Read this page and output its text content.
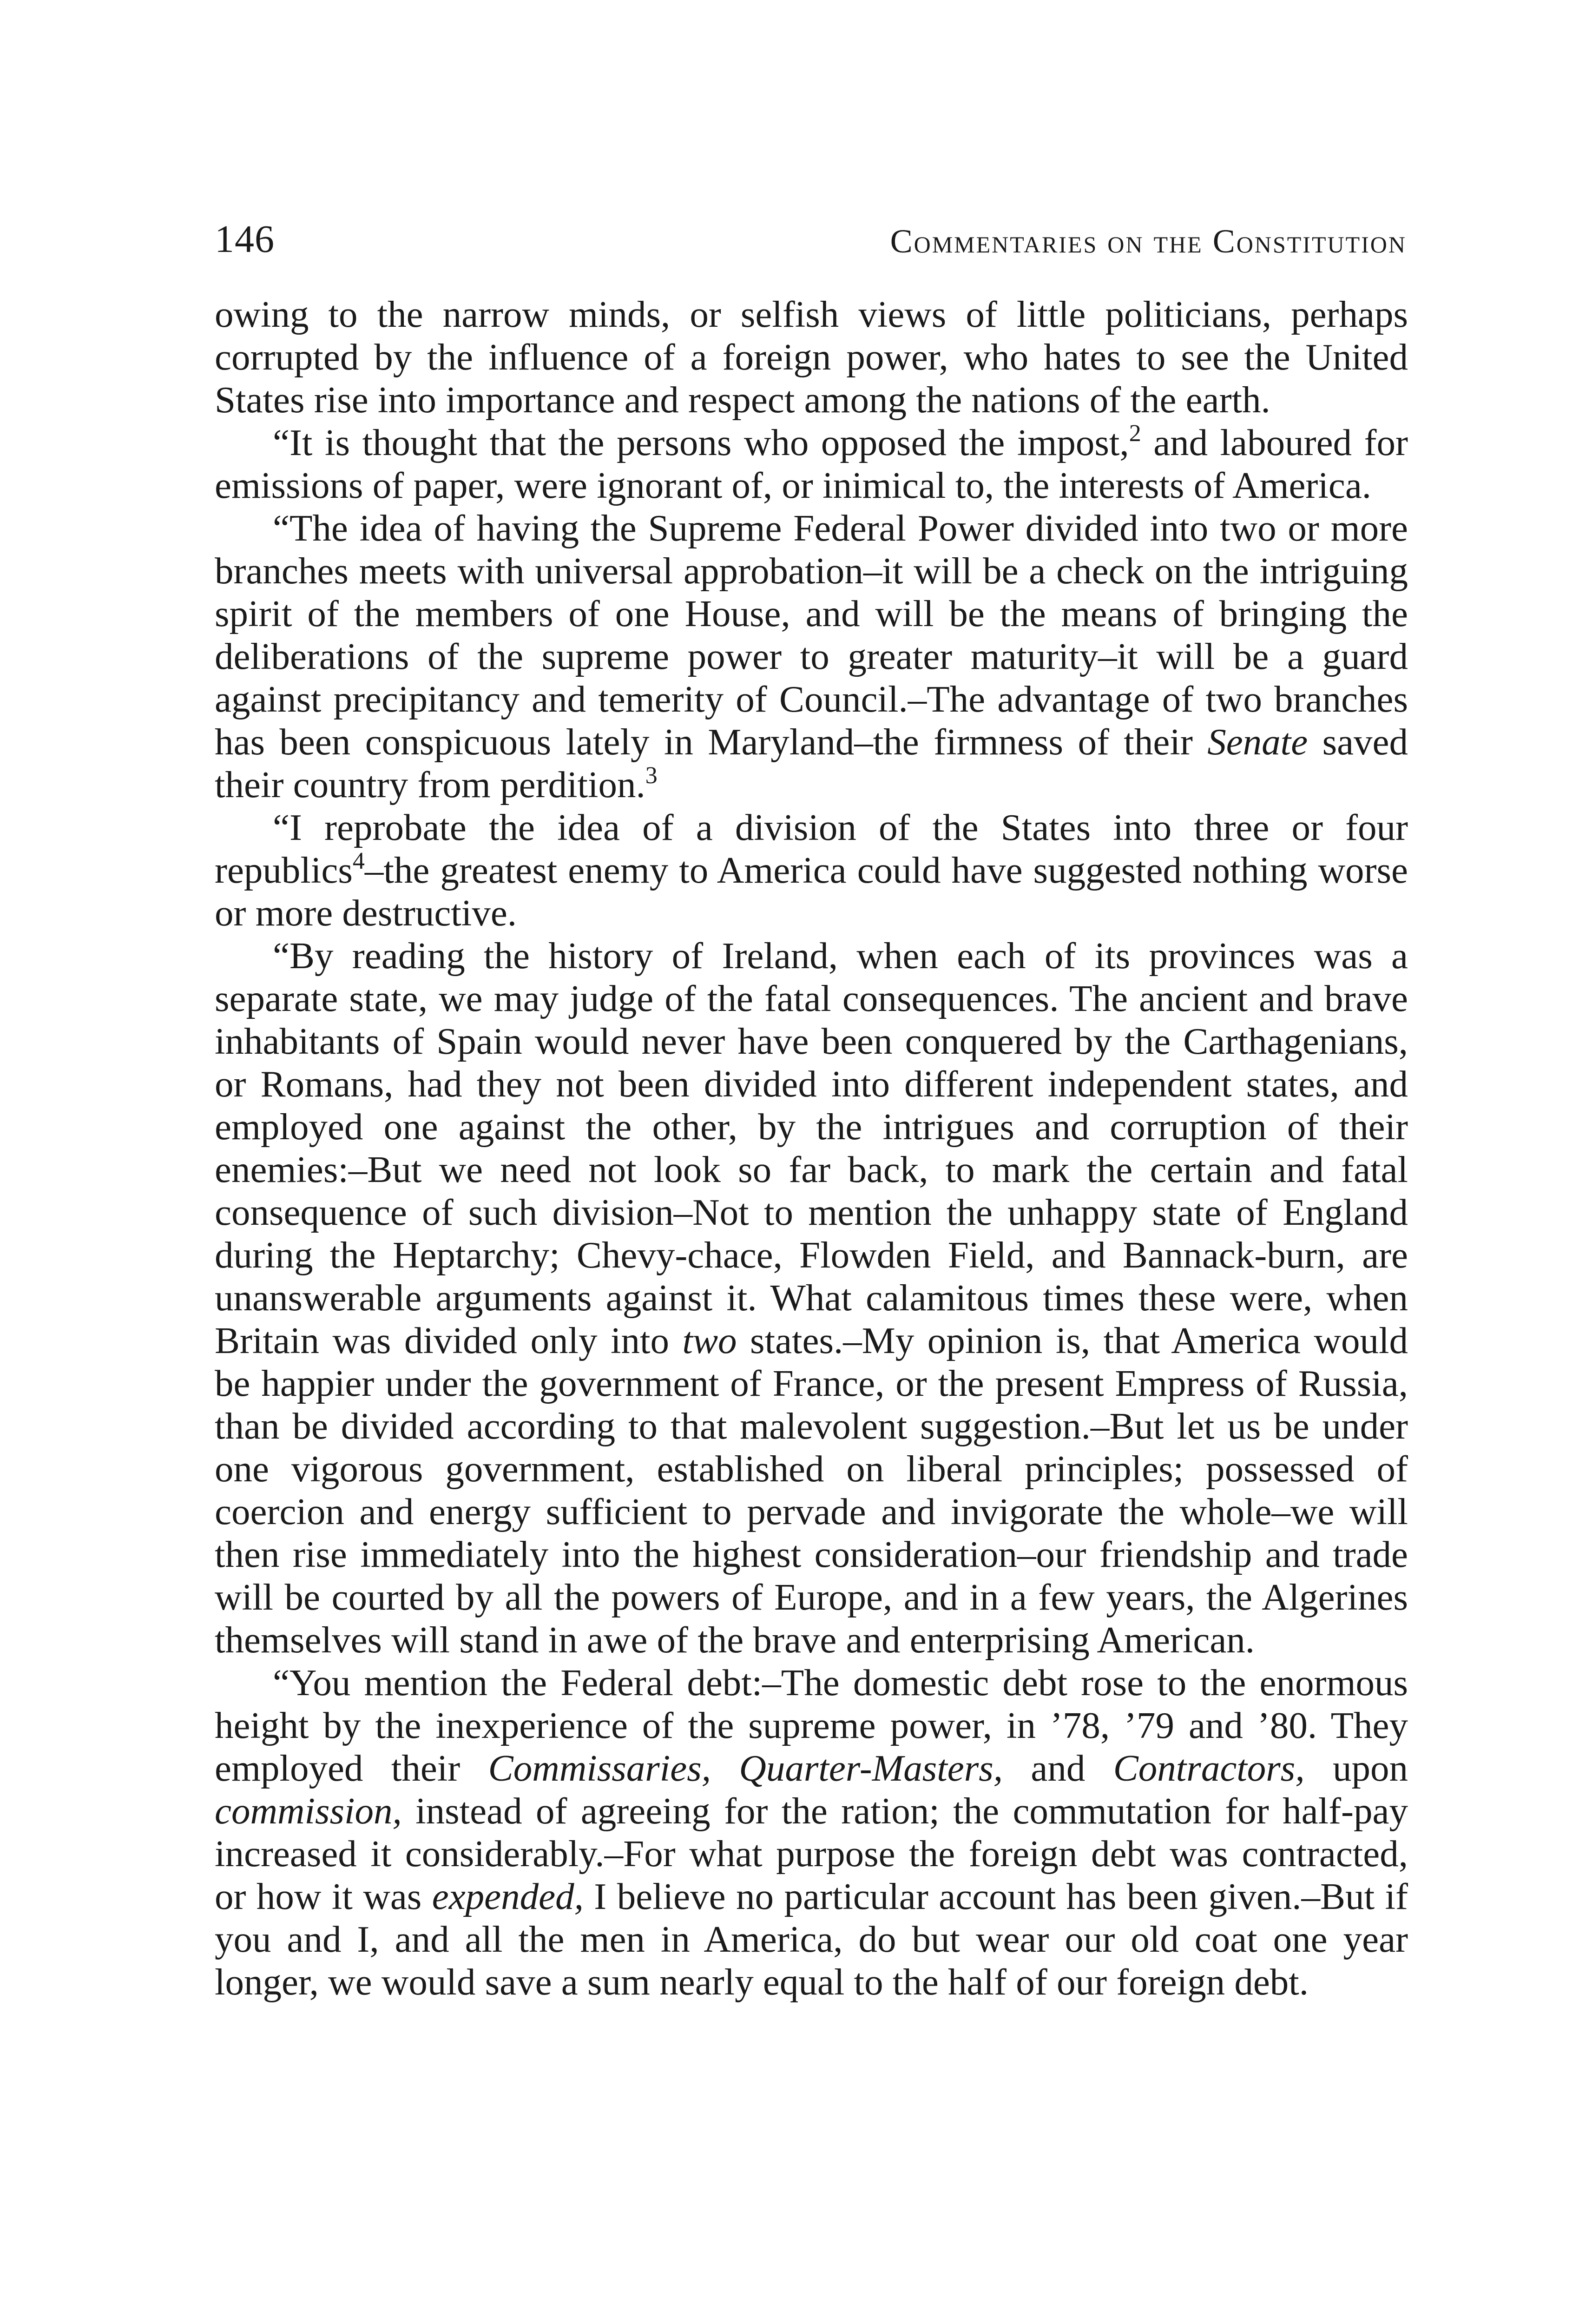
146	Commentaries on the Constitution

owing to the narrow minds, or selfish views of little politicians, perhaps corrupted by the influence of a foreign power, who hates to see the United States rise into importance and respect among the nations of the earth.

“It is thought that the persons who opposed the impost,$^2$ and laboured for emissions of paper, were ignorant of, or inimical to, the interests of America.

“The idea of having the Supreme Federal Power divided into two or more branches meets with universal approbation–it will be a check on the intriguing spirit of the members of one House, and will be the means of bringing the deliberations of the supreme power to greater maturity–it will be a guard against precipitancy and temerity of Council.–The advantage of two branches has been conspicuous lately in Maryland–the firmness of their Senate saved their country from perdition.$^3$

“I reprobate the idea of a division of the States into three or four republics$^4$–the greatest enemy to America could have suggested nothing worse or more destructive.

“By reading the history of Ireland, when each of its provinces was a separate state, we may judge of the fatal consequences. The ancient and brave inhabitants of Spain would never have been conquered by the Carthagenians, or Romans, had they not been divided into different independent states, and employed one against the other, by the intrigues and corruption of their enemies:–But we need not look so far back, to mark the certain and fatal consequence of such division–Not to mention the unhappy state of England during the Heptarchy; Chevy-chace, Flowden Field, and Bannack-burn, are unanswerable arguments against it. What calamitous times these were, when Britain was divided only into two states.–My opinion is, that America would be happier under the government of France, or the present Empress of Russia, than be divided according to that malevolent suggestion.–But let us be under one vigorous government, established on liberal principles; possessed of coercion and energy sufficient to pervade and invigorate the whole–we will then rise immediately into the highest consideration–our friendship and trade will be courted by all the powers of Europe, and in a few years, the Algerines themselves will stand in awe of the brave and enterprising American.

“You mention the Federal debt:–The domestic debt rose to the enormous height by the inexperience of the supreme power, in ’78, ’79 and ’80. They employed their Commissaries, Quarter-Masters, and Contractors, upon commission, instead of agreeing for the ration; the commutation for half-pay increased it considerably.–For what purpose the foreign debt was contracted, or how it was expended, I believe no particular account has been given.–But if you and I, and all the men in America, do but wear our old coat one year longer, we would save a sum nearly equal to the half of our foreign debt.
